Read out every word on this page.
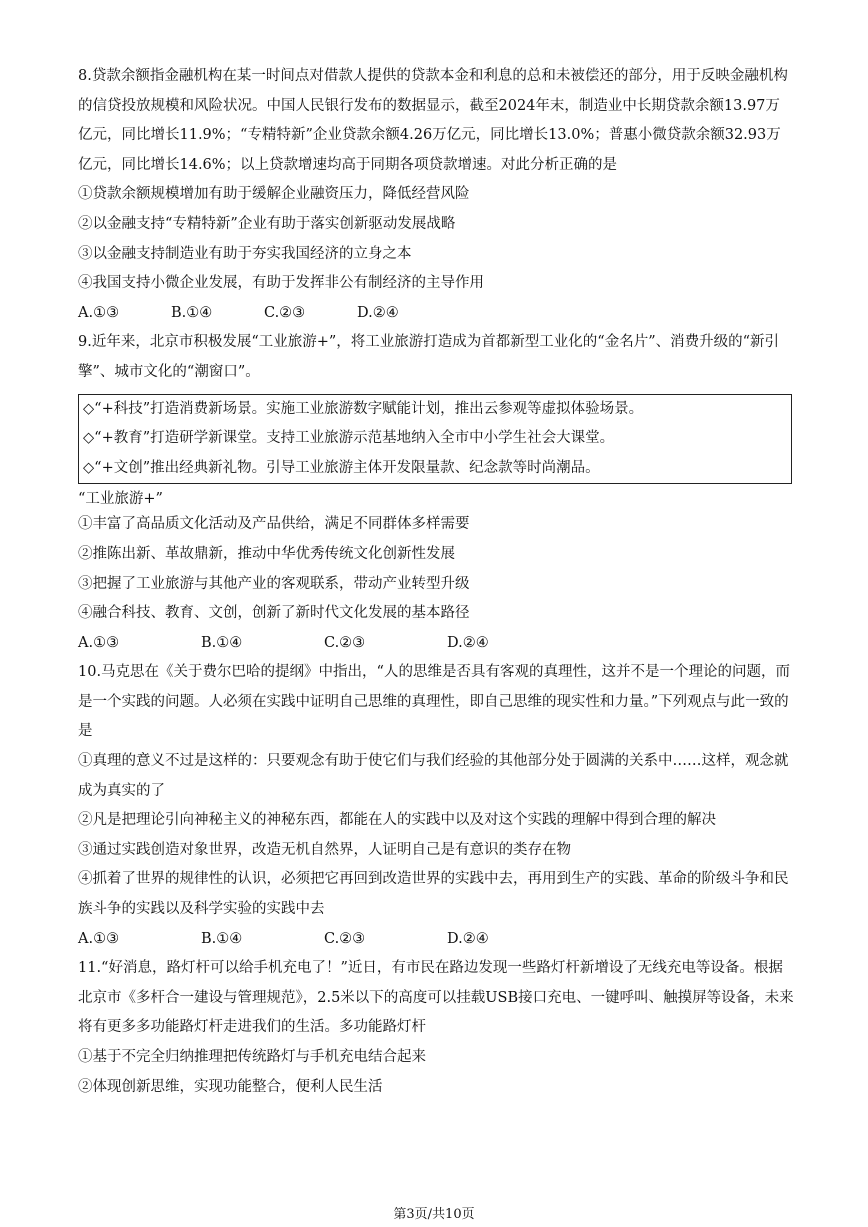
8.贷款余额指金融机构在某一时间点对借款人提供的贷款本金和利息的总和未被偿还的部分，用于反映金融机构的信贷投放规模和风险状况。中国人民银行发布的数据显示，截至2024年末，制造业中长期贷款余额13.97万亿元，同比增长11.9%；“专精特新”企业贷款余额4.26万亿元，同比增长13.0%；普惠小微贷款余额32.93万亿元，同比增长14.6%；以上贷款增速均高于同期各项贷款增速。对此分析正确的是

①贷款余额规模增加有助于缓解企业融资压力，降低经营风险

②以金融支持“专精特新”企业有助于落实创新驱动发展战略

③以金融支持制造业有助于夯实我国经济的立身之本

④我国支持小微企业发展，有助于发挥非公有制经济的主导作用

A.①③	B.①④	C.②③	D.②④

9.近年来，北京市积极发展“工业旅游+”，将工业旅游打造成为首都新型工业化的“金名片”、消费升级的“新引擎”、城市文化的“潮窗口”。

◇“+科技”打造消费新场景。实施工业旅游数字赋能计划，推出云参观等虚拟体验场景。

◇“+教育”打造研学新课堂。支持工业旅游示范基地纳入全市中小学生社会大课堂。

◇“+文创”推出经典新礼物。引导工业旅游主体开发限量款、纪念款等时尚潮品。

“工业旅游+”

①丰富了高品质文化活动及产品供给，满足不同群体多样需要

②推陈出新、革故鼎新，推动中华优秀传统文化创新性发展

③把握了工业旅游与其他产业的客观联系，带动产业转型升级

④融合科技、教育、文创，创新了新时代文化发展的基本路径

A.①③	B.①④	C.②③	D.②④

10.马克思在《关于费尔巴哈的提纲》中指出，“人的思维是否具有客观的真理性，这并不是一个理论的问题，而是一个实践的问题。人必须在实践中证明自己思维的真理性，即自己思维的现实性和力量。”下列观点与此一致的是

①真理的意义不过是这样的：只要观念有助于使它们与我们经验的其他部分处于圆满的关系中……这样，观念就成为真实的了

②凡是把理论引向神秘主义的神秘东西，都能在人的实践中以及对这个实践的理解中得到合理的解决

③通过实践创造对象世界，改造无机自然界，人证明自己是有意识的类存在物

④抓着了世界的规律性的认识，必须把它再回到改造世界的实践中去，再用到生产的实践、革命的阶级斗争和民族斗争的实践以及科学实验的实践中去

A.①③	B.①④	C.②③	D.②④

11.“好消息，路灯杆可以给手机充电了！”近日，有市民在路边发现一些路灯杆新增设了无线充电等设备。根据北京市《多杆合一建设与管理规范》，2.5米以下的高度可以挂载USB接口充电、一键呼叫、触摸屏等设备，未来将有更多多功能路灯杆走进我们的生活。多功能路灯杆

①基于不完全归纳推理把传统路灯与手机充电结合起来

②体现创新思维，实现功能整合，便利人民生活

第3页/共10页
